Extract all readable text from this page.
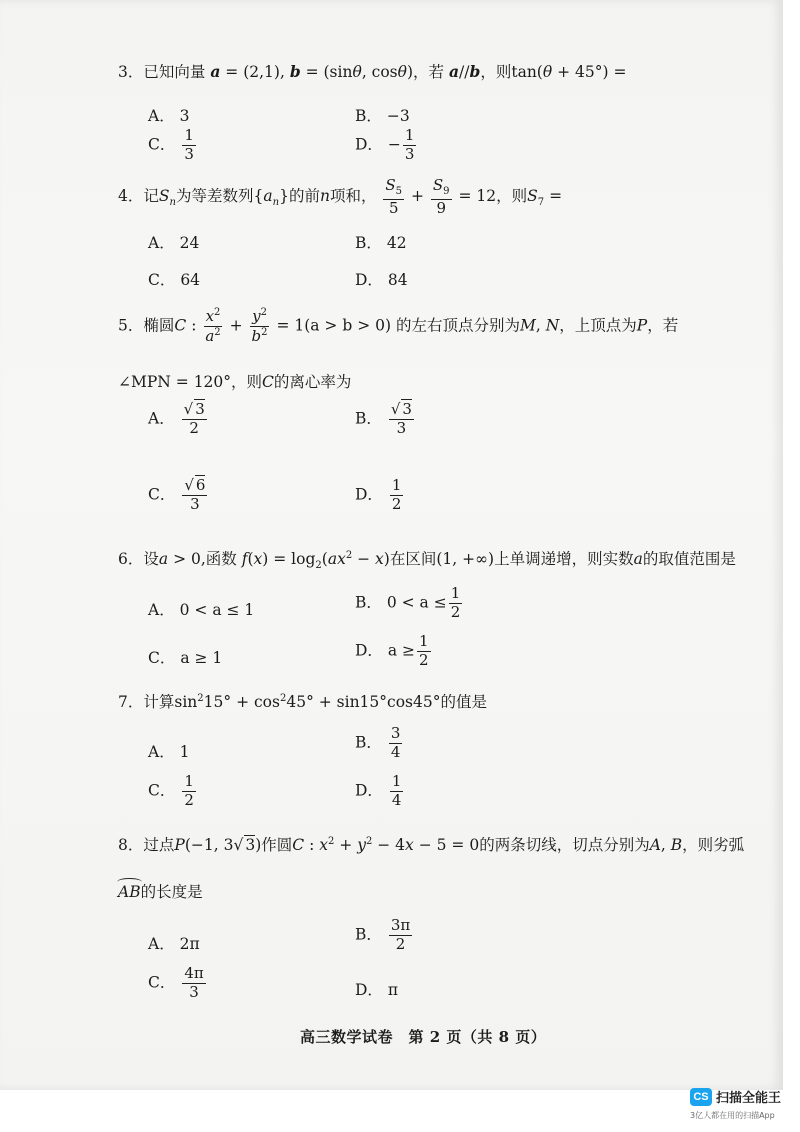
3．已知向量 a = (2,1), b = (sinθ, cosθ)，若 a//b，则tan(θ + 45°) =
A． 3	B． −3
C． $\frac{1}{3}$	D． − $\frac{1}{3}$
4．记$S_n$为等差数列$\{a_n\}$的前n项和， $\frac{S_5}{5} + \frac{S_9}{9} = 12$，则$S_7$ =
A． 24	B． 42
C． 64	D． 84
5．椭圆C : $\frac{x^2}{a^2} + \frac{y^2}{b^2} = 1(a > b > 0)$ 的左右顶点分别为M, N，上顶点为P，若
∠MPN = 120°，则C的离心率为
A． $\frac{√ 3}{2}$	B． $\frac{√ 3}{3}$
C． $\frac{√ 6}{3}$	D． $\frac{1}{2}$
6．设a > 0,函数 $f(x) = \log_2(ax^2 - x)$在区间(1, +∞)上单调递增，则实数a的取值范围是
A． 0 < a ≤ 1	B． $0 < a \le \frac{1}{2}$
C． a ≥ 1	D． $a \ge \frac{1}{2}$
7．计算$\sin^215^\circ + \cos^245^\circ + \sin 15^\circ\cos 45^\circ$的值是
A． 1
B． $\frac{3}{4}$
C． $\frac{1}{2}$	D． $\frac{1}{4}$
8．过点P(−1, 3√ 3)作圆C : $x^2 + y^2 - 4x - 5 = 0$的两条切线，切点分别为A, B，则劣弧
AB的长度是
A． 2π
B． $\frac{3\pi}{2}$
C． $\frac{4\pi}{3}$	D． π
高三数学试卷　第 2 页（共 8 页）
CS 扫描全能王
3亿人都在用的扫描App
